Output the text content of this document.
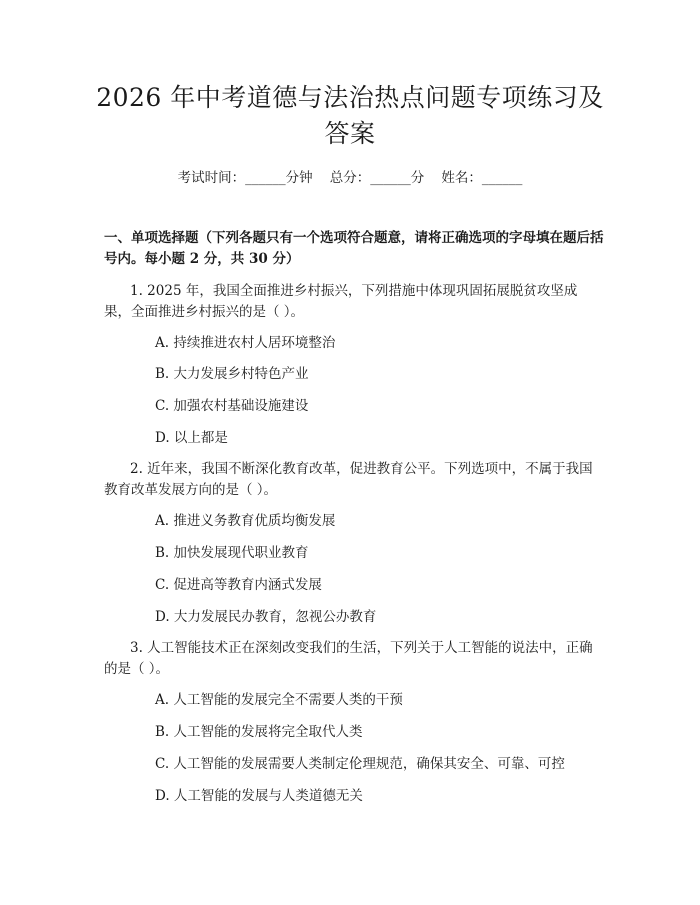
2026 年中考道德与法治热点问题专项练习及
答案
考试时间：______分钟    总分：______分    姓名：______
一、单项选择题（下列各题只有一个选项符合题意，请将正确选项的字母填在题后括号内。每小题 2 分，共 30 分）
1. 2025 年，我国全面推进乡村振兴，下列措施中体现巩固拓展脱贫攻坚成果，全面推进乡村振兴的是（ ）。
A. 持续推进农村人居环境整治
B. 大力发展乡村特色产业
C. 加强农村基础设施建设
D. 以上都是
2. 近年来，我国不断深化教育改革，促进教育公平。下列选项中，不属于我国教育改革发展方向的是（ ）。
A. 推进义务教育优质均衡发展
B. 加快发展现代职业教育
C. 促进高等教育内涵式发展
D. 大力发展民办教育，忽视公办教育
3. 人工智能技术正在深刻改变我们的生活，下列关于人工智能的说法中，正确的是（ ）。
A. 人工智能的发展完全不需要人类的干预
B. 人工智能的发展将完全取代人类
C. 人工智能的发展需要人类制定伦理规范，确保其安全、可靠、可控
D. 人工智能的发展与人类道德无关
